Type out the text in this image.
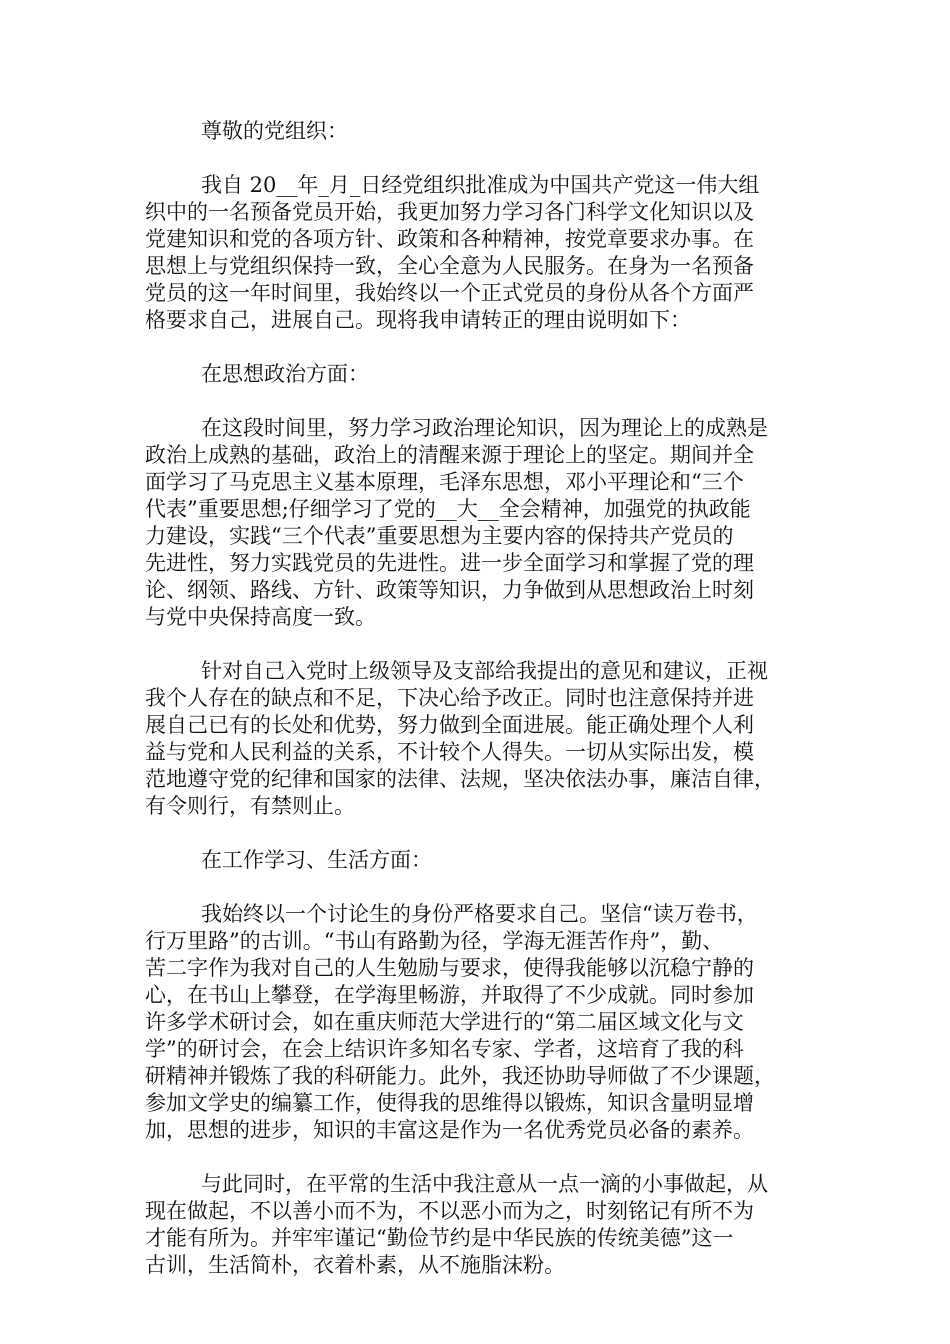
尊敬的党组织：

我自 20__年_月_日经党组织批准成为中国共产党这一伟大组
织中的一名预备党员开始，我更加努力学习各门科学文化知识以及
党建知识和党的各项方针、政策和各种精神，按党章要求办事。在
思想上与党组织保持一致，全心全意为人民服务。在身为一名预备
党员的这一年时间里，我始终以一个正式党员的身份从各个方面严
格要求自己，进展自己。现将我申请转正的理由说明如下：

在思想政治方面：

在这段时间里，努力学习政治理论知识，因为理论上的成熟是
政治上成熟的基础，政治上的清醒来源于理论上的坚定。期间并全
面学习了马克思主义基本原理，毛泽东思想，邓小平理论和“三个
代表”重要思想;仔细学习了党的__大__全会精神，加强党的执政能
力建设，实践“三个代表”重要思想为主要内容的保持共产党员的
先进性，努力实践党员的先进性。进一步全面学习和掌握了党的理
论、纲领、路线、方针、政策等知识，力争做到从思想政治上时刻
与党中央保持高度一致。

针对自己入党时上级领导及支部给我提出的意见和建议，正视
我个人存在的缺点和不足，下决心给予改正。同时也注意保持并进
展自己已有的长处和优势，努力做到全面进展。能正确处理个人利
益与党和人民利益的关系，不计较个人得失。一切从实际出发，模
范地遵守党的纪律和国家的法律、法规，坚决依法办事，廉洁自律，
有令则行，有禁则止。

在工作学习、生活方面：

我始终以一个讨论生的身份严格要求自己。坚信“读万卷书，
行万里路”的古训。“书山有路勤为径，学海无涯苦作舟”，勤、
苦二字作为我对自己的人生勉励与要求，使得我能够以沉稳宁静的
心，在书山上攀登，在学海里畅游，并取得了不少成就。同时参加
许多学术研讨会，如在重庆师范大学进行的“第二届区域文化与文
学”的研讨会，在会上结识许多知名专家、学者，这培育了我的科
研精神并锻炼了我的科研能力。此外，我还协助导师做了不少课题，
参加文学史的编纂工作，使得我的思维得以锻炼，知识含量明显增
加，思想的进步，知识的丰富这是作为一名优秀党员必备的素养。

与此同时，在平常的生活中我注意从一点一滴的小事做起，从
现在做起，不以善小而不为，不以恶小而为之，时刻铭记有所不为
才能有所为。并牢牢谨记“勤俭节约是中华民族的传统美德”这一
古训，生活简朴，衣着朴素，从不施脂沫粉。
